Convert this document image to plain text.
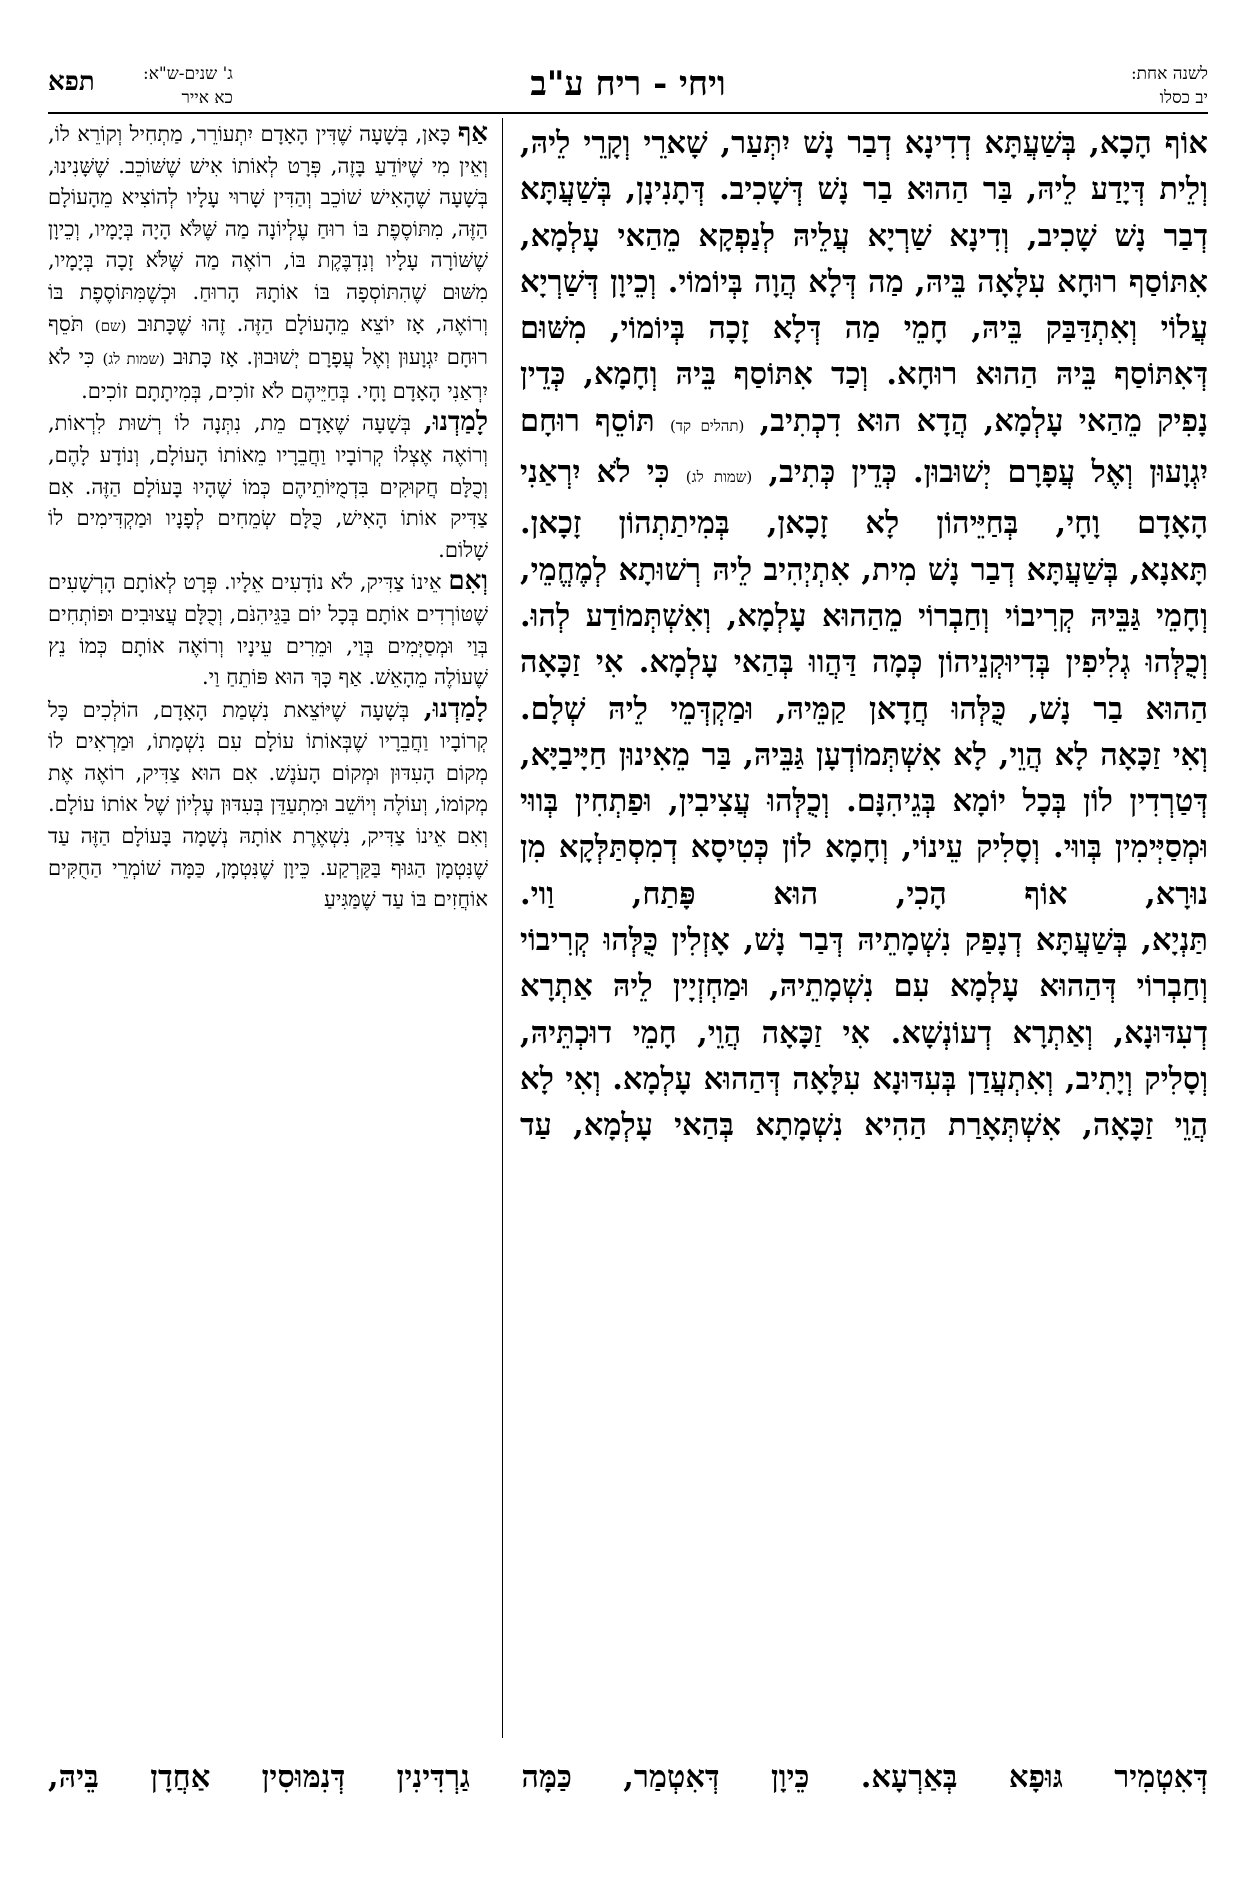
לשנה אחת:
יב כסלו
ויחי - ריח ע"ב
ג' שנים-ש"א:
כא אייר
תפא

אוֹף הָכָא, בְּשַׁעֲתָּא דְדִינָא דְבַר נָשׁ יִתְּעַר, שָׁארֵי וְקָרֵי לֵיהּ, וְלֵית דְּיָדַע לֵיהּ, בַּר הַהוּא בַר נָשׁ דְּשָׁכִיב. דְּתָנִינָן, בְּשַׁעֲתָּא דְבַר נָשׁ שָׁכִיב, וְדִינָא שַׁרְיָא עֲלֵיהּ לְנַפְקָא מֵהַאי עָלְמָא, אִתּוֹסַף רוּחָא עִלָּאָה בֵּיהּ, מַה דְּלָא הֲוָה בְּיוֹמוֹי. וְכֵיוָן דְּשַׁרְיָא עֲלוֹי וְאִתְדַּבַּק בֵּיהּ, חָמֵי מַה דְּלָא זָכָה בְּיוֹמוֹי, מִשּׁוּם דְּאִתּוֹסַף בֵּיהּ הַהוּא רוּחָא. וְכַד אִתּוֹסַף בֵּיהּ וְחָמָא, כְּדֵין נָפִיק מֵהַאי עָלְמָא, הֲדָא הוּא דִכְתִיב, (תהלים קד) תּוֹסֵף רוּחָם יִגְוָעוּן וְאֶל עֲפָרָם יְשׁוּבוּן. כְּדֵין כְּתִיב, (שמות לג) כִּי לֹא יִרְאַנִי הָאָדָם וָחָי, בְּחַיֵּיהוֹן לָא זָכָאן, בְּמִיתַתְהוֹן זָכָאן.

תָּאנָא, בְּשַׁעֲתָּא דְבַר נָשׁ מִית, אִתְיְהִיב לֵיהּ רְשׁוּתָא לְמֶחֱמֵי, וְחָמֵי גַּבֵּיהּ קְרִיבוֹי וְחַבְרוֹי מֵהַהוּא עָלְמָא, וְאִשְׁתְּמוֹדַע לְהוּ. וְכֻלְּהוּ גְלִיפִין בְּדִיוּקְנֵיהוֹן כְּמָה דַּהֲווּ בְּהַאי עָלְמָא. אִי זַכָּאָה הַהוּא בַר נָשׁ, כֻּלְּהוּ חֲדָאן קַמֵּיהּ, וּמַקְדְּמֵי לֵיהּ שְׁלָם.

וְאִי זַכָּאָה לָא הֲוֵי, לָא אִשְׁתְּמוֹדְעָן גַּבֵּיהּ, בַּר מֵאִינוּן חַיָּיבַיָּא, דְּטַרְדִין לוֹן בְּכָל יוֹמָא בְּגֵיהִנָּם. וְכֻלְּהוּ עֲצִיבִין, וּפַתְחִין בְּווּי וּמְסַיְּימִין בְּווּי. וְסָלִיק עֵינוֹי, וְחָמָא לוֹן כְּטִיסָא דְמִסְתַּלְּקָא מִן נוּרָא, אוֹף הָכִי, הוּא פָּתַח, וַוי.

תַּנְיָא, בְּשַׁעֲתָּא דְנָפַק נִשְׁמָתֵיהּ דְּבַר נָשׁ, אָזְלִין כֻּלְּהוּ קְרִיבוֹי וְחַבְרוֹי דְּהַהוּא עָלְמָא עִם נִשְׁמָתֵיהּ, וּמַחְזְיָין לֵיהּ אַתְרָא דְעִדּוּנָא, וְאַתְרָא דְעוֹנְשָׁא. אִי זַכָּאָה הֲוֵי, חָמֵי דוּכְתֵּיהּ, וְסָלִיק וְיָתִיב, וְאִתְעֲדַן בְּעִדּוּנָא עִלָּאָה דְּהַהוּא עָלְמָא. וְאִי לָא הֲוֵי זַכָּאָה, אִשְׁתְּאָרַת הַהִיא נִשְׁמָתָא בְּהַאי עָלְמָא, עַד

אַף כָּאן, בְּשָׁעָה שֶׁדִּין הָאָדָם יִתְעוֹרֵר, מַתְחִיל וְקוֹרֵא לוֹ, וְאֵין מִי שֶׁיּוֹדֵעַ בָּזֶה, פְּרָט לְאוֹתוֹ אִישׁ שֶׁשּׁוֹכֵב. שֶׁשָּׁנִינוּ, בְּשָׁעָה שֶׁהָאִישׁ שׁוֹכֵב וְהַדִּין שָׁרוּי עָלָיו לְהוֹצִיא מֵהָעוֹלָם הַזֶּה, מִתּוֹסֶפֶת בּוֹ רוּחַ עֶלְיוֹנָה מַה שֶּׁלֹּא הָיָה בְּיָמָיו, וְכֵיוָן שֶׁשּׁוֹרָה עָלָיו וְנִדְבֶּקֶת בּוֹ, רוֹאֶה מַה שֶּׁלֹּא זָכָה בְּיָמָיו, מִשּׁוּם שֶׁהִתּוֹסְפָה בּוֹ אוֹתָהּ הָרוּחַ. וּכְשֶׁמִּתּוֹסֶפֶת בּוֹ וְרוֹאֶה, אָז יוֹצֵא מֵהָעוֹלָם הַזֶּה. זֶהוּ שֶׁכָּתוּב (שם) תֹּסֵף רוּחָם יִגְוָעוּן וְאֶל עֲפָרָם יְשׁוּבוּן. אָז כָּתוּב (שמות לג) כִּי לֹא יִרְאַנִי הָאָדָם וָחָי. בְּחַיֵּיהֶם לֹא זוֹכִים, בְּמִיתָתָם זוֹכִים.

לָמַדְנוּ, בְּשָׁעָה שֶׁאָדָם מֵת, נִתְּנָה לוֹ רְשׁוּת לִרְאוֹת, וְרוֹאֶה אֶצְלוֹ קְרוֹבָיו וַחֲבֵרָיו מֵאוֹתוֹ הָעוֹלָם, וְנוֹדָע לָהֶם, וְכֻלָּם חֲקוּקִים בִּדְמֻיּוֹתֵיהֶם כְּמוֹ שֶׁהָיוּ בָּעוֹלָם הַזֶּה. אִם צַדִּיק אוֹתוֹ הָאִישׁ, כֻּלָּם שְׂמֵחִים לְפָנָיו וּמַקְדִּימִים לוֹ שָׁלוֹם.

וְאִם אֵינוֹ צַדִּיק, לֹא נוֹדָעִים אֵלָיו. פְּרָט לְאוֹתָם הָרְשָׁעִים שֶׁטּוֹרְדִים אוֹתָם בְּכָל יוֹם בַּגֵּיהִנֹּם, וְכֻלָּם עֲצוּבִים וּפוֹתְחִים בְּוַי וּמְסַיְּמִים בְּוַי, וּמֵרִים עֵינָיו וְרוֹאֶה אוֹתָם כְּמוֹ נֵץ שֶׁעוֹלֶה מֵהָאֵשׁ. אַף כָּךְ הוּא פּוֹתֵחַ וַי.

לָמַדְנוּ, בְּשָׁעָה שֶׁיּוֹצֵאת נִשְׁמַת הָאָדָם, הוֹלְכִים כָּל קְרוֹבָיו וַחֲבֵרָיו שֶׁבְּאוֹתוֹ עוֹלָם עִם נִשְׁמָתוֹ, וּמַרְאִים לוֹ מְקוֹם הָעִדּוּן וּמְקוֹם הָעֹנֶשׁ. אִם הוּא צַדִּיק, רוֹאֶה אֶת מְקוֹמוֹ, וְעוֹלֶה וְיוֹשֵׁב וּמִתְעַדֵּן בְּעִדּוּן עֶלְיוֹן שֶׁל אוֹתוֹ עוֹלָם. וְאִם אֵינוֹ צַדִּיק, נִשְׁאֶרֶת אוֹתָהּ נְשָׁמָה בָּעוֹלָם הַזֶּה עַד שֶׁנִּטְמָן הַגּוּף בַּקַּרְקַע. כֵּיוָן שֶׁנִּטְמָן, כַּמָּה שׁוֹמְרֵי הַחֻקִּים אוֹחֲזִים בּוֹ עַד שֶׁמַּגִּיעַ

דְּאִטְמִיר גּוּפָא בְּאַרְעָא. כֵּיוָן דְּאִטְמַר, כַּמָּה גַרְדִּינִין דְּנִמּוּסִין אַחֲדָן בֵּיהּ,
